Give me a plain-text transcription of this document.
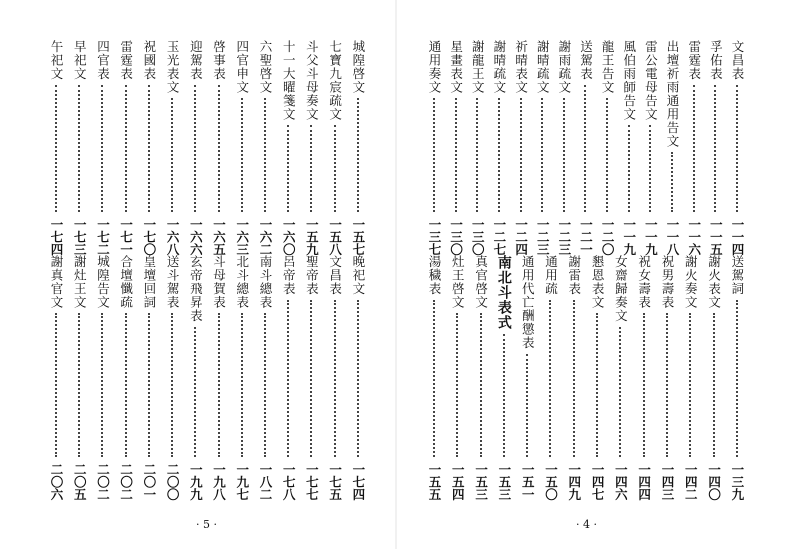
城隍啓文
一五七
七寶九宸疏文
一五八
斗父斗母奏文
一五九
十一大曜箋文
一六〇
六聖啓文
一六二
四官申文
一六三
啓事表
一六五
迎駕表
一六六
玉光表文
一六八
祝國表
一七〇
雷霆表
一七一
四官表
一七二
早祀文
一七三
午祀文
一七四
晚祀文
一七四
文昌表
一七五
聖帝表
一七七
呂帝表
一七八
南斗總表
一八二
北斗總表
一九七
斗母賀表
一九八
玄帝飛昇表
一九九
送斗駕表
二〇〇
皇壇回詞
二〇一
合壇懺疏
二〇二
城隍告文
二〇二
謝灶王文
二〇五
謝真官文
二〇六
· 5 ·
文昌表
一一四
孚佑表
一一五
雷霆表
一一六
出壇祈雨通用告文
一一八
雷公電母告文
一一九
風伯雨師告文
一一九
龍王告文
一二〇
送駕表
一二一
謝雨疏文
一二三
謝晴疏文
一二三
祈晴表文
一二四
謝晴疏文
一二七
謝龍王文
一三〇
星畫表文
一三〇
通用奏文
一三七
送駕詞
一三九
謝火表文
一四〇
謝火奏文
一四二
祝男壽表
一四三
祝女壽表
一四四
女齋歸奏文
一四六
懇恩表文
一四七
謝雷表
一四九
通用疏
一五〇
通用代亡酬懲表
一五一
南北斗表式
一五三
真官啓文
一五三
灶王啓文
一五四
湯穢表
一五五
· 4 ·
